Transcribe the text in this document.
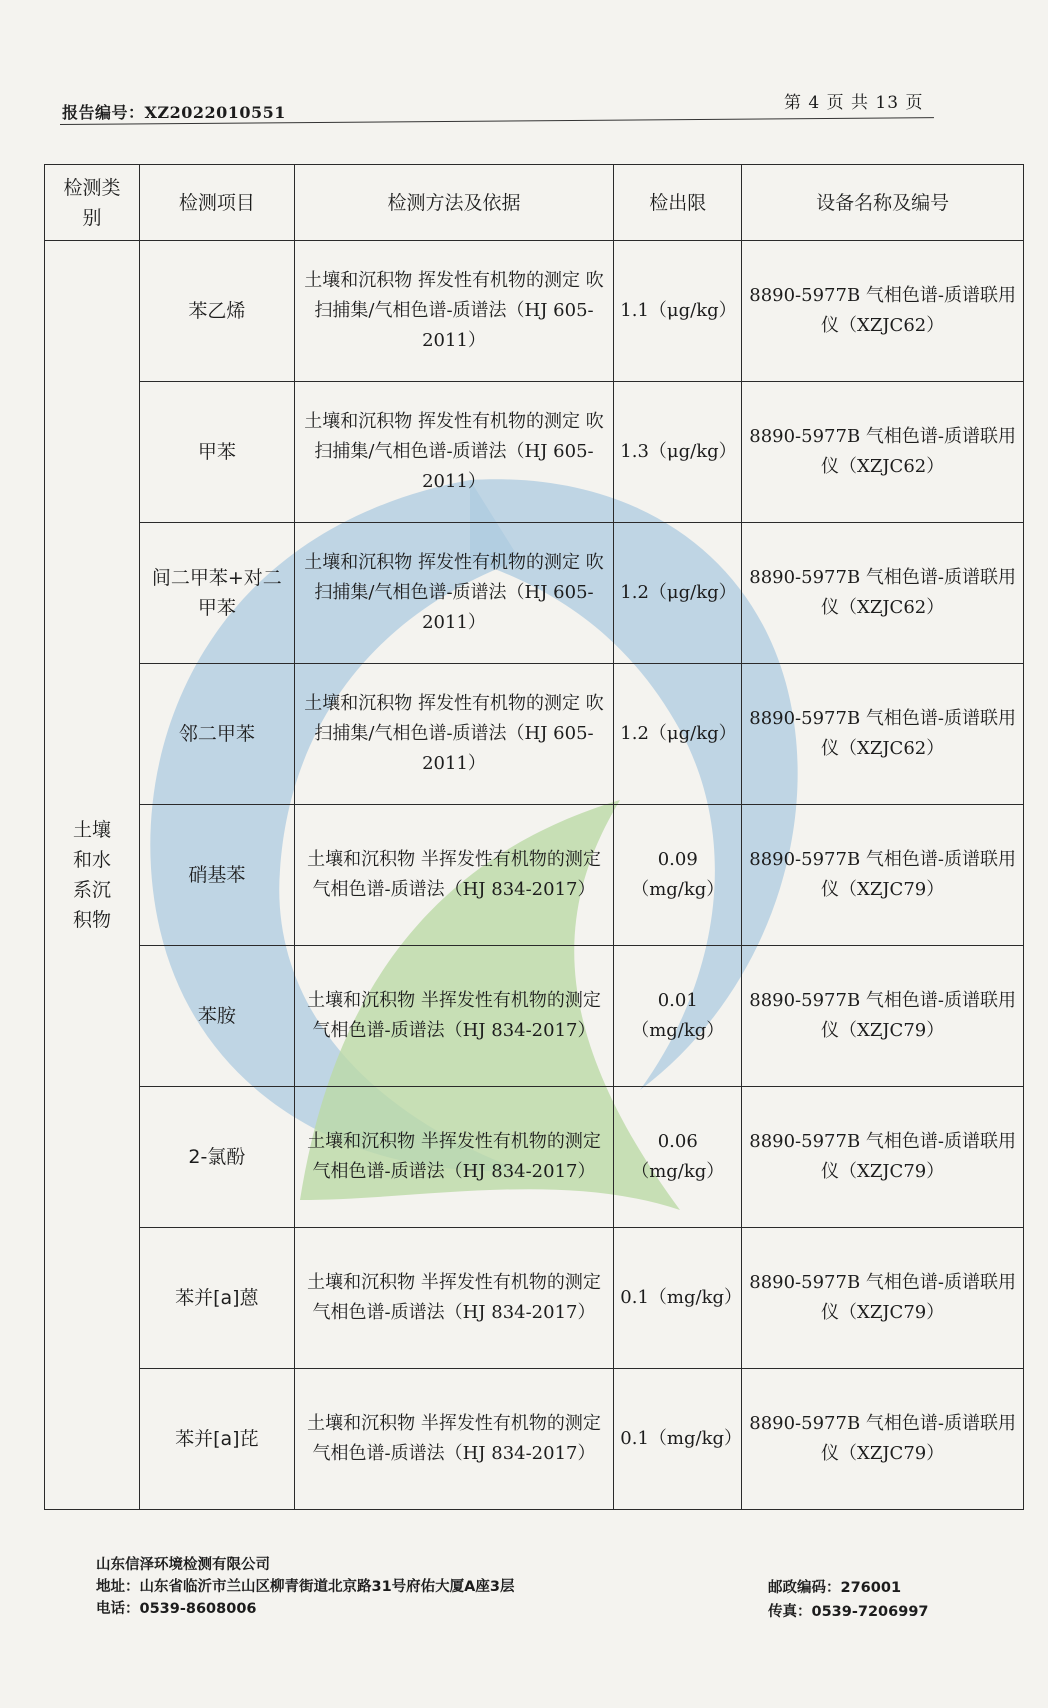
报告编号：XZ2022010551	第 4 页 共 13 页
检测类别	检测项目	检测方法及依据	检出限	设备名称及编号
土壤和水系沉积物	苯乙烯	土壤和沉积物 挥发性有机物的测定 吹扫捕集/气相色谱-质谱法（HJ 605-2011）	1.1（μg/kg）	8890-5977B 气相色谱-质谱联用仪（XZJC62）
	甲苯	土壤和沉积物 挥发性有机物的测定 吹扫捕集/气相色谱-质谱法（HJ 605-2011）	1.3（μg/kg）	8890-5977B 气相色谱-质谱联用仪（XZJC62）
	间二甲苯+对二甲苯	土壤和沉积物 挥发性有机物的测定 吹扫捕集/气相色谱-质谱法（HJ 605-2011）	1.2（μg/kg）	8890-5977B 气相色谱-质谱联用仪（XZJC62）
	邻二甲苯	土壤和沉积物 挥发性有机物的测定 吹扫捕集/气相色谱-质谱法（HJ 605-2011）	1.2（μg/kg）	8890-5977B 气相色谱-质谱联用仪（XZJC62）
	硝基苯	土壤和沉积物 半挥发性有机物的测定 气相色谱-质谱法（HJ 834-2017）	0.09（mg/kg）	8890-5977B 气相色谱-质谱联用仪（XZJC79）
	苯胺	土壤和沉积物 半挥发性有机物的测定 气相色谱-质谱法（HJ 834-2017）	0.01（mg/kg）	8890-5977B 气相色谱-质谱联用仪（XZJC79）
	2-氯酚	土壤和沉积物 半挥发性有机物的测定 气相色谱-质谱法（HJ 834-2017）	0.06（mg/kg）	8890-5977B 气相色谱-质谱联用仪（XZJC79）
	苯并[a]蒽	土壤和沉积物 半挥发性有机物的测定 气相色谱-质谱法（HJ 834-2017）	0.1（mg/kg）	8890-5977B 气相色谱-质谱联用仪（XZJC79）
	苯并[a]芘	土壤和沉积物 半挥发性有机物的测定 气相色谱-质谱法（HJ 834-2017）	0.1（mg/kg）	8890-5977B 气相色谱-质谱联用仪（XZJC79）
山东信泽环境检测有限公司
地址：山东省临沂市兰山区柳青街道北京路31号府佑大厦A座3层
电话：0539-8608006
邮政编码：276001
传真：0539-7206997
